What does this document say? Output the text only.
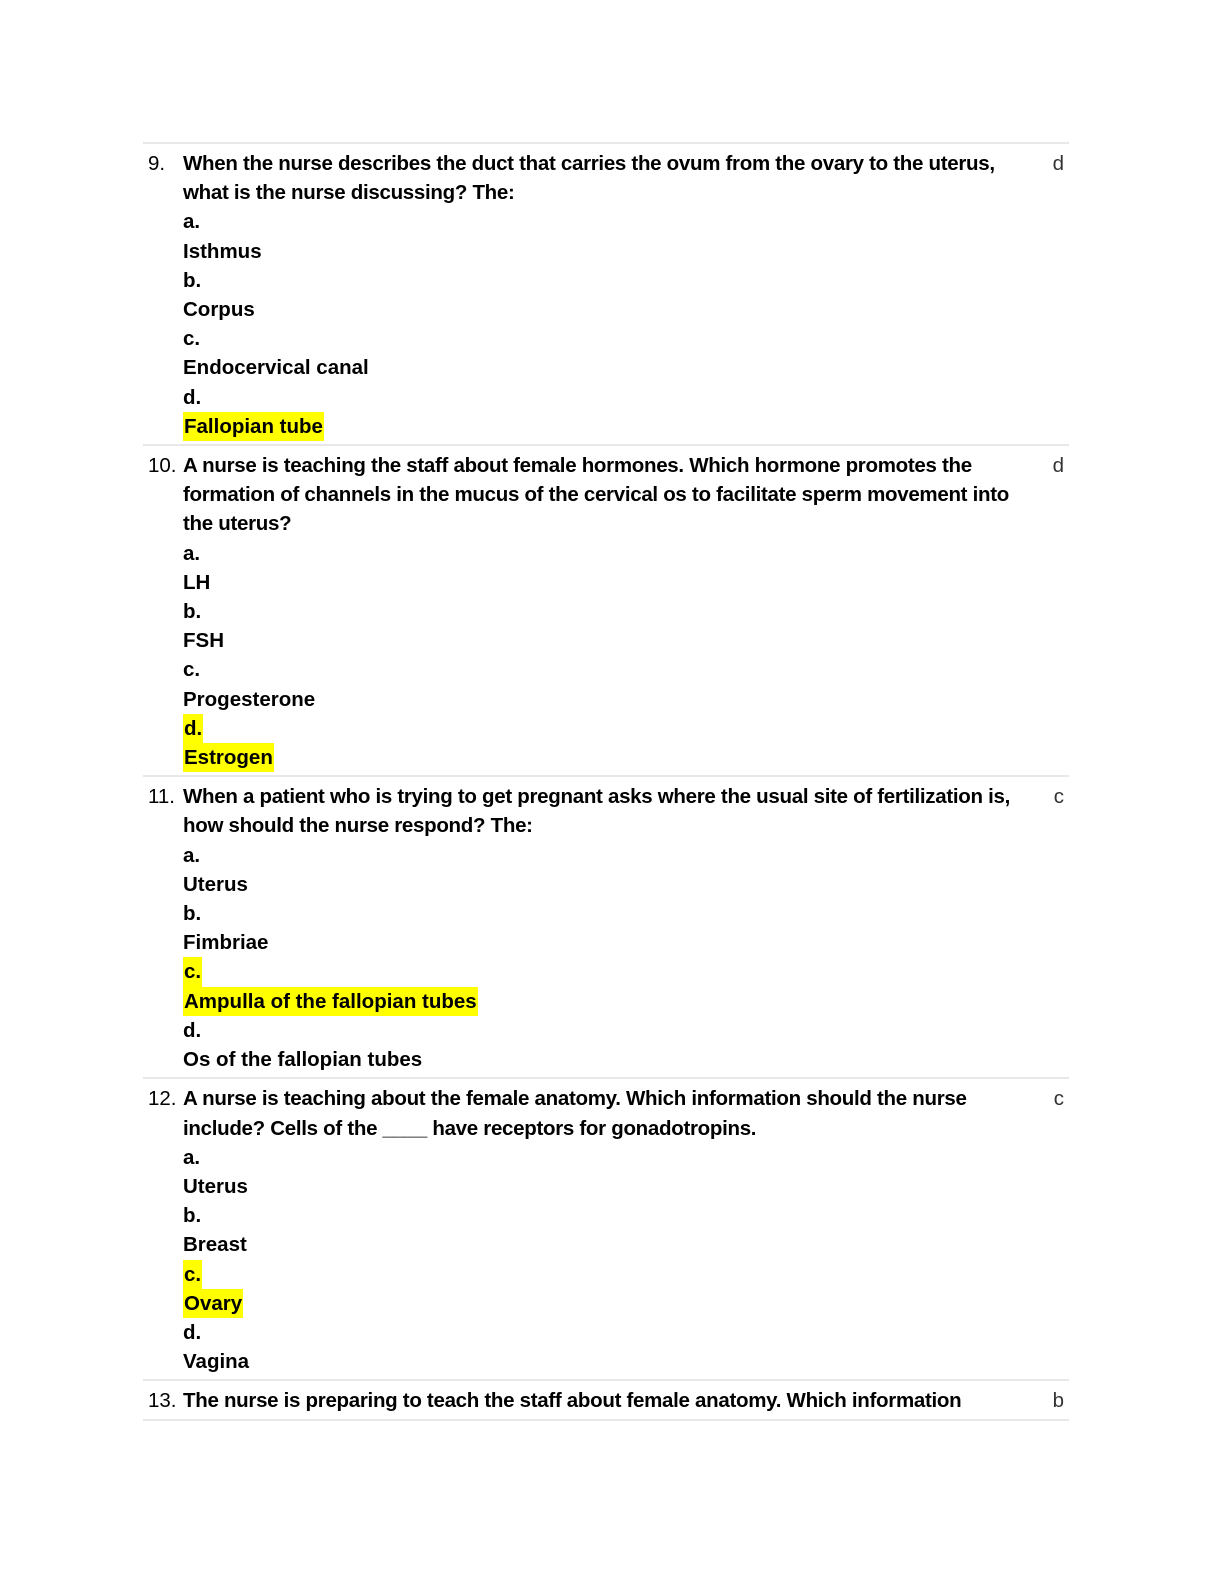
9. When the nurse describes the duct that carries the ovum from the ovary to the uterus, what is the nurse discussing? The:
a.
Isthmus
b.
Corpus
c.
Endocervical canal
d.
Fallopian tube
d
10. A nurse is teaching the staff about female hormones. Which hormone promotes the formation of channels in the mucus of the cervical os to facilitate sperm movement into the uterus?
a.
LH
b.
FSH
c.
Progesterone
d.
Estrogen
d
11. When a patient who is trying to get pregnant asks where the usual site of fertilization is, how should the nurse respond? The:
a.
Uterus
b.
Fimbriae
c.
Ampulla of the fallopian tubes
d.
Os of the fallopian tubes
c
12. A nurse is teaching about the female anatomy. Which information should the nurse include? Cells of the ____ have receptors for gonadotropins.
a.
Uterus
b.
Breast
c.
Ovary
d.
Vagina
c
13. The nurse is preparing to teach the staff about female anatomy. Which information	b
